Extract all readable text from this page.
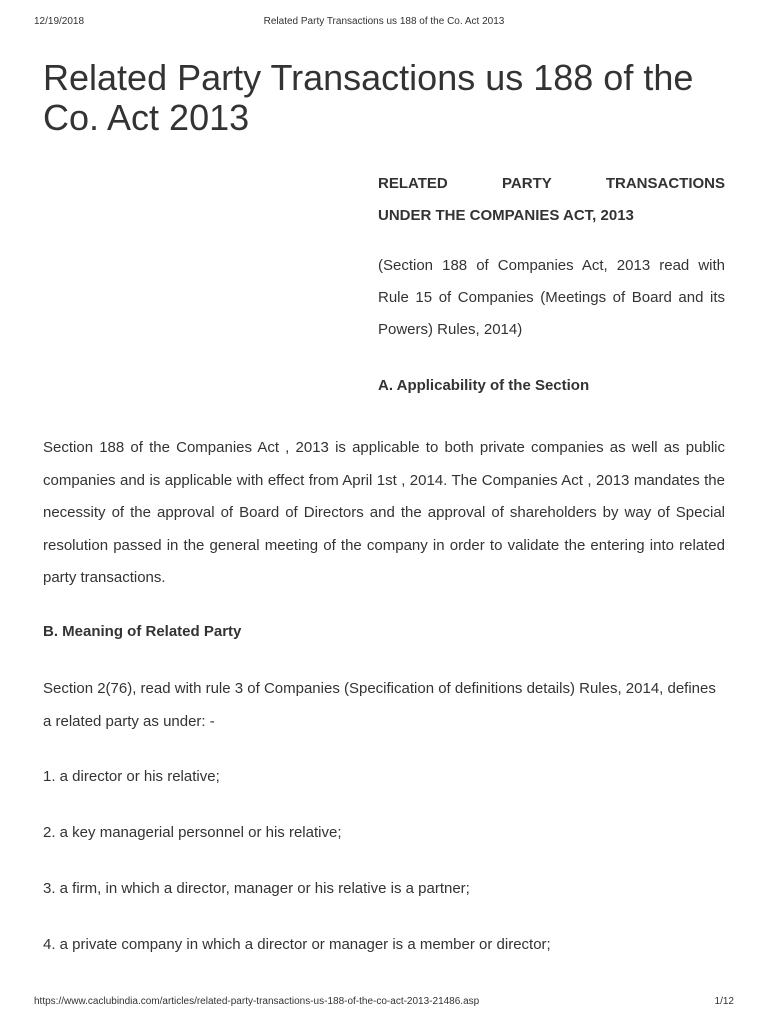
12/19/2018	Related Party Transactions us 188 of the Co. Act 2013
Related Party Transactions us 188 of the Co. Act 2013

RELATED PARTY TRANSACTIONS
UNDER THE COMPANIES ACT, 2013

(Section 188 of Companies Act, 2013 read with Rule 15 of Companies (Meetings of Board and its Powers) Rules, 2014)

A. Applicability of the Section

Section 188 of the Companies Act , 2013 is applicable to both private companies as well as public companies and is applicable with effect from April 1st , 2014. The Companies Act , 2013 mandates the necessity of the approval of Board of Directors and the approval of shareholders by way of Special resolution passed in the general meeting of the company in order to validate the entering into related party transactions.

B. Meaning of Related Party

Section 2(76), read with rule 3 of Companies (Specification of definitions details) Rules, 2014, defines a related party as under: -

1. a director or his relative;

2. a key managerial personnel or his relative;

3. a firm, in which a director, manager or his relative is a partner;

4. a private company in which a director or manager is a member or director;

https://www.caclubindia.com/articles/related-party-transactions-us-188-of-the-co-act-2013-21486.asp	1/12
